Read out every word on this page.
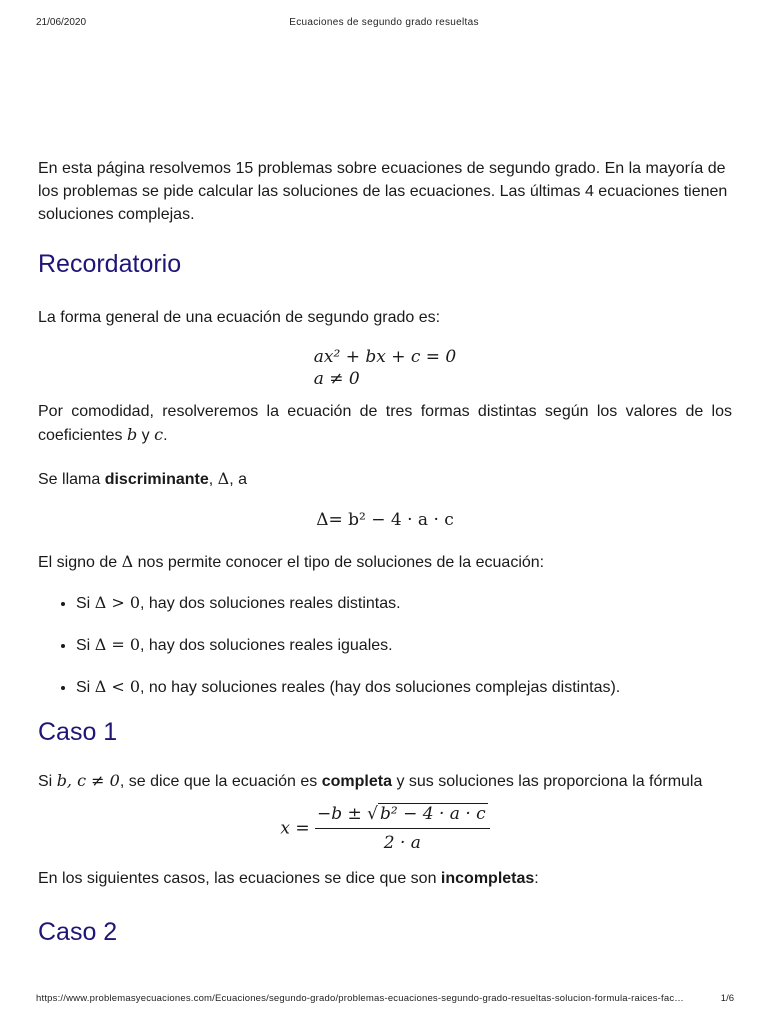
21/06/2020	Ecuaciones de segundo grado resueltas

En esta página resolvemos 15 problemas sobre ecuaciones de segundo grado. En la mayoría de los problemas se pide calcular las soluciones de las ecuaciones. Las últimas 4 ecuaciones tienen soluciones complejas.

Recordatorio

La forma general de una ecuación de segundo grado es:

ax² + bx + c = 0
a ≠ 0

Por comodidad, resolveremos la ecuación de tres formas distintas según los valores de los coeficientes b y c.

Se llama discriminante, Δ, a

Δ= b² − 4 · a · c

El signo de Δ nos permite conocer el tipo de soluciones de la ecuación:

• Si Δ > 0, hay dos soluciones reales distintas.
• Si Δ = 0, hay dos soluciones reales iguales.
• Si Δ < 0, no hay soluciones reales (hay dos soluciones complejas distintas).
Caso 1

Si b, c ≠ 0, se dice que la ecuación es completa y sus soluciones las proporciona la fórmula

$x = \frac{\text{−b ± √ b² − 4 · a · c}}{2 \cdot a}$

En los siguientes casos, las ecuaciones se dice que son incompletas:

Caso 2
https://www.problemasyecuaciones.com/Ecuaciones/segundo-grado/problemas-ecuaciones-segundo-grado-resueltas-solucion-formula-raices-fac…	1/6
